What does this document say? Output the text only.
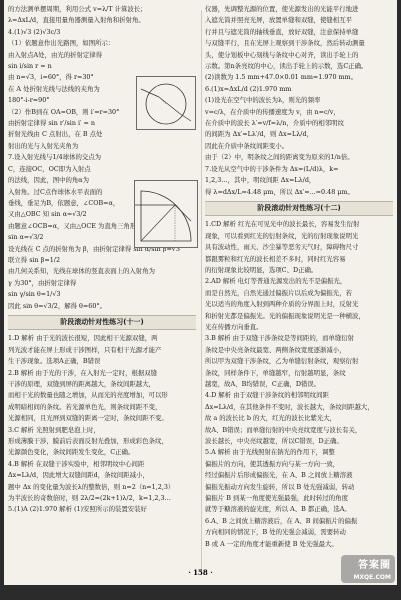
的方法测单摆周期，利用公式 v=λ/T 计算波长；
λ=ΔxL/d，直接用量角器测量入射角和折射角。
4.(1)√3 (2)√3c/3
（1）依题意作出光路图，如图所示：
由入射点A处，由光的折射定律得
sin i/sin r = n
由 n=√3，i=60°，得 r=30°
在 A 处折射光线与法线的夹角为
180°-i-r=90°
（2）作B到在 OA=OB，则 i′=r=30°
由折射定律得 sin r′/sin i′ = n
折射光线由 C 点射出，在 B 点处
射出的光与入射光夹角为
7.设入射光线与1/4球体的交点为
C，连接OC，OC即为入射点
的法线，因此，图中的角α为
入射角。过C点作球体水平表面的
垂线，垂足为B，依题意，∠COB=α，
又由△OBC 知 sin α=√3/2
由题意∠OCB=α，又由△OCE 为直角三角形知
sin α=√3/2
设光线在 C 点的折射角为 β，由折射定律得 sin α/sin β=√3
联立得 sin β=1/2
由几何关系知，光线在球体的竖直表面上的入射角为
γ 为30°，由折射定律得
sin γ/sin θ=1/√3
因此 sin θ=√3/2，解得 θ=60°。
阶段滚动针对性练习(十一)
1.D 解析 由于光的波长很短，因此相干光源双缝，两
列光波才能在屏上形成干涉图样，只有相干光源才能产
生干涉现象。选项A正确，B错误
2.B 解析 由于光的干涉，在入射光一定时，根据双缝
干涉的原理，双缝到屏的距离越大，条纹间距越大，
而相干光的数量也随之增加，从而光的亮度增加，可以形
成明暗相间的条纹。若光源单色光，则条纹间距不变，
光源相同，且光屏到双缝的距离一定时，条纹间距不变。
3.C 解析 光照射到肥皂泡上时，
形成薄膜干涉，膜前后表面反射光叠加，形成彩色条纹，
光源颜色变化，条纹间距发生变化，C正确。
4.B 解析 在双缝干涉实验中，相邻明纹中心间距
Δx=Lλ/d，因此增大双缝间距d，条纹间距减小，
题中 Δx 的变化量为波长λ的整数倍，则 n=2（n=1,2,3）
为半波长的奇数倍时，则 2λ/2=(2k+1)λ/2，k=1,2,3…
5.(1)A (2)1.970 解析 (1)安照所示的装置安装好
仪器，先调整光源的位置，使光源发出的光能平行地进
入遮光筒并照亮光屏，放置单缝和双缝，使缝相互平
行并且与遮光筒的轴线垂直，放好双缝，注意保持单缝
与双缝平行，且在光屏上观察到干涉条纹，然后转动测量
头，使分划板中心刻线与条纹中心对齐，读出手轮上的
示数。第n条亮纹的中心，读出手轮上的示数，选C正确。
(2)读数为 1.5 mm+47.0×0.01 mm=1.970 mm。
6.(1)x=ΔxL/d (2)1.970 mm
(1)设光在空气中的波长为λ，则光的频率
v=c/λ，在介质中的传播速度为 v，由 n=c/v，
在介质中的波长 λ′=v/f=λ/n，介质中的相邻明纹
的间距为 Δx′=Lλ′/d，则 Δx=Lλ/d，
因此在介质中条纹间距变小。
由于（2）中，明条纹之间的距离变为原来的1/n倍。
7.设光从空气中的干涉条件为 Δx=(L/d)λ，k=
1,2,3…，其中，明纹间距 Δx=Lλ/d，
得 λ=dΔx/L=4.48 μm，所以 Δx′=...=0.48 μm。
阶段滚动针对性练习(十二)
1.CD 解析 红光在可见光中的波长最长，容易发生衍射
现象，可以看到红光的衍射条纹，光的衍射现象说明光
具有波动性，雨天、沙尘暴等恶劣天气时，障碍物尺寸
都跟雾粒和红光的波长相差不多时，同时红光容易
的衍射现象比较明显，选项C、D正确。
2.AD 解析 电灯等普通光源发出的光不是偏振光，
而是自然光，自然光通过偏振片以后成为偏振光，若
光以适当的角度入射到两种介质的分界面上时，反射光
和折射光都是偏振光。光的偏振现象说明光是一种横波，
光在传播方向垂直。
3.B 解析 由于双缝干涉条纹是等间距的，而单缝衍射
条纹是中央亮条纹最宽、两侧条纹宽度逐渐减小，
所以甲为双缝干涉条纹，乙为单缝衍射条纹，观察衍射
条纹，同样条件下，单缝越窄，衍射越明显，条纹
越宽，故A、B均错误，C正确，D错误。
4.D 解析 由于双缝干涉条纹的相邻明纹间距
Δx=Lλ/d，在其他条件不变时，波长越大，条纹间距越大，
故 a 的波长比 b 的大，红光的波长比紫光大，
故A、B错误；而单缝衍射的中央亮纹宽度与波长有关，
波长越长，中央亮纹越宽，所以C错误，D正确。
5.A 解析 由于光线照射在钠光的作用下，调整
偏振片的方向，使其透振方向与某一方向一致，
经过偏振片后形成偏振光，在 A、B 之间放上糖溶液
偏振光振动方向发生旋转，所以 B 处光强减弱，转动
偏振片 B 到某一角度使光强最强，此时转过的角度
就等于糖溶液的旋光度，所以 A、B 都正确，选A。
6.A、B 之间放上糖溶液后，在 A、B 间偏振片的偏振
方向相同的情况下，B 处的光强会减弱，需要转动
B 或 A 一定的角度才能重新使 B 处光强最大。
· 158 ·
答案圈
MXQE.COM
